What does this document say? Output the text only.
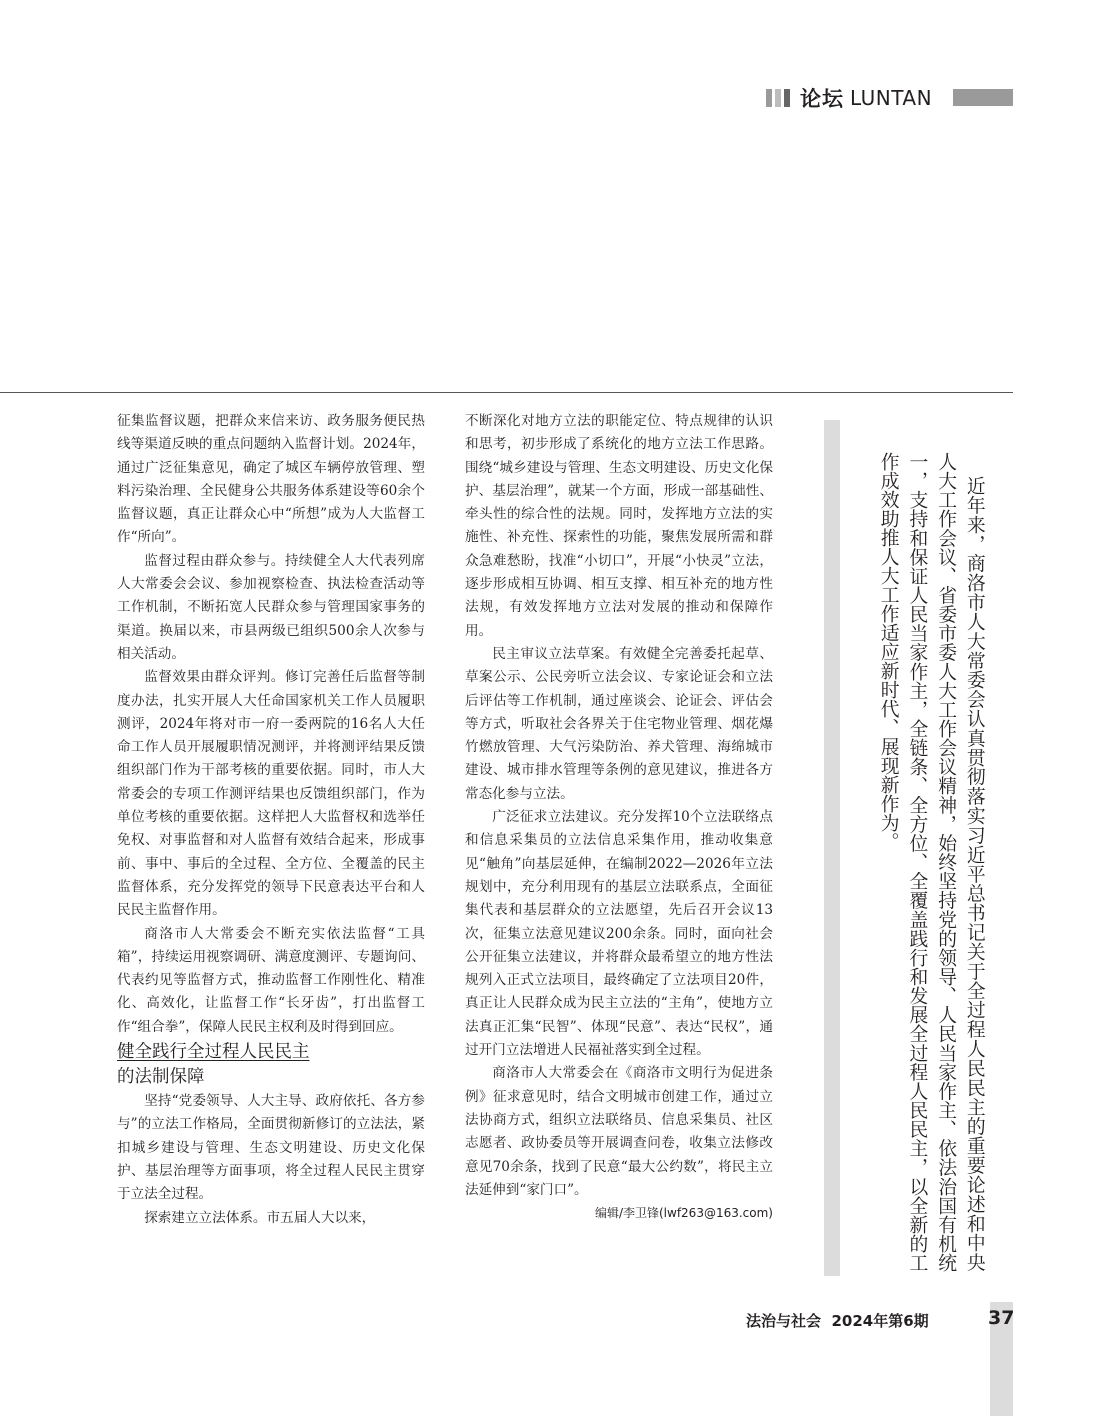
论坛 LUNTAN

征集监督议题，把群众来信来访、政务服务便民热线等渠道反映的重点问题纳入监督计划。2024年，通过广泛征集意见，确定了城区车辆停放管理、塑料污染治理、全民健身公共服务体系建设等60余个监督议题，真正让群众心中“所想”成为人大监督工作“所向”。

监督过程由群众参与。持续健全人大代表列席人大常委会会议、参加视察检查、执法检查活动等工作机制，不断拓宽人民群众参与管理国家事务的渠道。换届以来，市县两级已组织500余人次参与相关活动。

监督效果由群众评判。修订完善任后监督等制度办法，扎实开展人大任命国家机关工作人员履职测评，2024年将对市一府一委两院的16名人大任命工作人员开展履职情况测评，并将测评结果反馈组织部门作为干部考核的重要依据。同时，市人大常委会的专项工作测评结果也反馈组织部门，作为单位考核的重要依据。这样把人大监督权和选举任免权、对事监督和对人监督有效结合起来，形成事前、事中、事后的全过程、全方位、全覆盖的民主监督体系，充分发挥党的领导下民意表达平台和人民民主监督作用。

商洛市人大常委会不断充实依法监督“工具箱”，持续运用视察调研、满意度测评、专题询问、代表约见等监督方式，推动监督工作刚性化、精准化、高效化，让监督工作“长牙齿”，打出监督工作“组合拳”，保障人民民主权利及时得到回应。

健全践行全过程人民民主
的法制保障

坚持“党委领导、人大主导、政府依托、各方参与”的立法工作格局，全面贯彻新修订的立法法，紧扣城乡建设与管理、生态文明建设、历史文化保护、基层治理等方面事项，将全过程人民民主贯穿于立法全过程。

探索建立立法体系。市五届人大以来，

不断深化对地方立法的职能定位、特点规律的认识和思考，初步形成了系统化的地方立法工作思路。围绕“城乡建设与管理、生态文明建设、历史文化保护、基层治理”，就某一个方面，形成一部基础性、牵头性的综合性的法规。同时，发挥地方立法的实施性、补充性、探索性的功能，聚焦发展所需和群众急难愁盼，找准“小切口”，开展“小快灵”立法，逐步形成相互协调、相互支撑、相互补充的地方性法规，有效发挥地方立法对发展的推动和保障作用。

民主审议立法草案。有效健全完善委托起草、草案公示、公民旁听立法会议、专家论证会和立法后评估等工作机制，通过座谈会、论证会、评估会等方式，听取社会各界关于住宅物业管理、烟花爆竹燃放管理、大气污染防治、养犬管理、海绵城市建设、城市排水管理等条例的意见建议，推进各方常态化参与立法。

广泛征求立法建议。充分发挥10个立法联络点和信息采集员的立法信息采集作用，推动收集意见“触角”向基层延伸，在编制2022—2026年立法规划中，充分利用现有的基层立法联系点，全面征集代表和基层群众的立法愿望，先后召开会议13次，征集立法意见建议200余条。同时，面向社会公开征集立法建议，并将群众最希望立的地方性法规列入正式立法项目，最终确定了立法项目20件，真正让人民群众成为民主立法的“主角”，使地方立法真正汇集“民智”、体现“民意”、表达“民权”，通过开门立法增进人民福祉落实到全过程。

商洛市人大常委会在《商洛市文明行为促进条例》征求意见时，结合文明城市创建工作，通过立法协商方式，组织立法联络员、信息采集员、社区志愿者、政协委员等开展调查问卷，收集立法修改意见70余条，找到了民意“最大公约数”，将民主立法延伸到“家门口”。

编辑/李卫锋(lwf263@163.com)	近年来，商洛市人大常委会认真贯彻落实习近平总书记关于全过程人民民主的重要论述和中央人大工作会议、省委市委人大工作会议精神，始终坚持党的领导、人民当家作主、依法治国有机统一，支持和保证人民当家作主，全链条、全方位、全覆盖践行和发展全过程人民民主，以全新的工作成效助推人大工作适应新时代、展现新作为。

法治与社会 2024年第6期	37
